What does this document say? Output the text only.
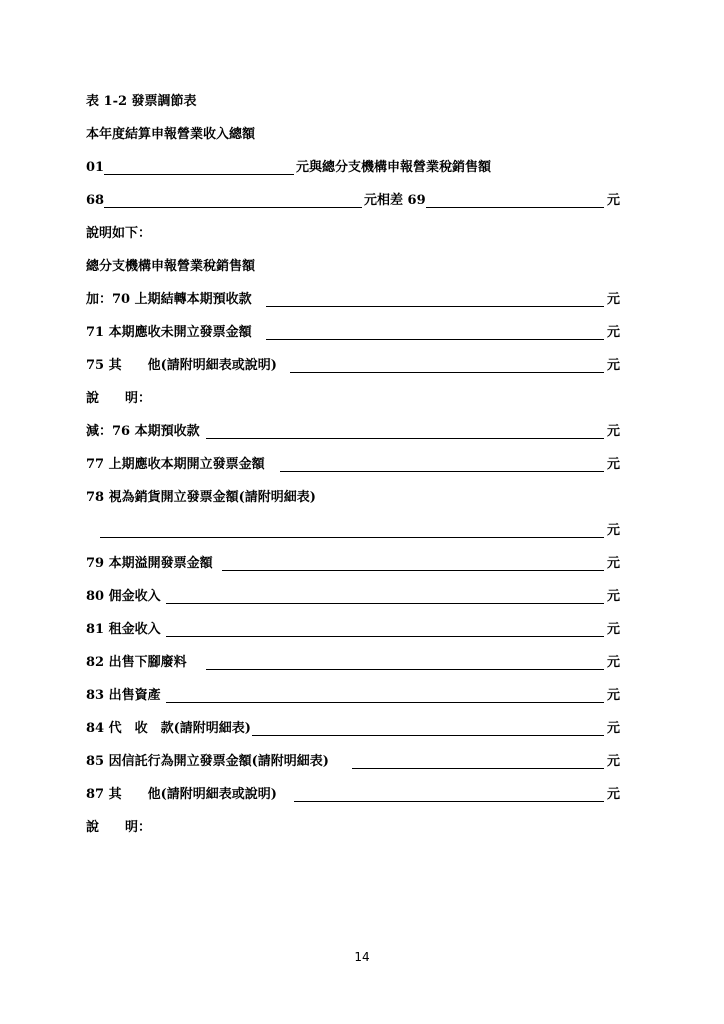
表 1-2 發票調節表
本年度結算申報營業收入總額
01	元與總分支機構申報營業稅銷售額
68	元相差 69	元
說明如下：
總分支機構申報營業稅銷售額
加：70 上期結轉本期預收款	元
71 本期應收未開立發票金額	元
75 其　　他(請附明細表或說明)	元
說　　明：
減：76 本期預收款	元
77 上期應收本期開立發票金額	元
78 視為銷貨開立發票金額(請附明細表)
元
79 本期溢開發票金額	元
80 佣金收入	元
81 租金收入	元
82 出售下腳廢料	元
83 出售資產	元
84 代　收　款(請附明細表)	元
85 因信託行為開立發票金額(請附明細表)	元
87 其　　他(請附明細表或說明)	元
說　　明：
14
